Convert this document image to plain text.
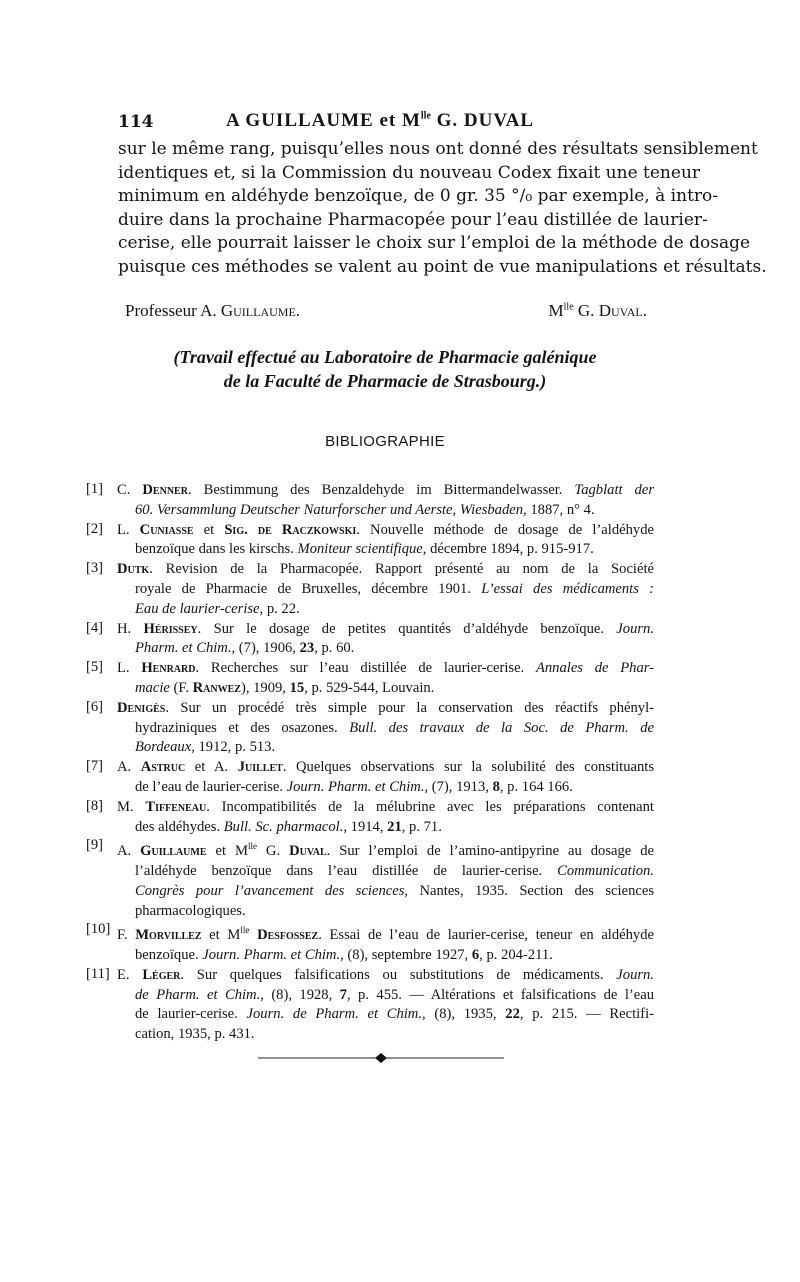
114	A GUILLAUME et $M^{lle}$ G. DUVAL
sur le même rang, puisqu’elles nous ont donné des résultats sensiblement
identiques et, si la Commission du nouveau Codex fixait une teneur
minimum en aldéhyde benzoïque, de 0 gr. 35 °/₀ par exemple, à intro-
duire dans la prochaine Pharmacopée pour l’eau distillée de laurier-
cerise, elle pourrait laisser le choix sur l’emploi de la méthode de dosage
puisque ces méthodes se valent au point de vue manipulations et résultats.
Professeur A. Guillaume.	$M^{lle}$ G. Duval.
(Travail effectué au Laboratoire de Pharmacie galénique
de la Faculté de Pharmacie de Strasbourg.)
BIBLIOGRAPHIE
[1] C. Denner. Bestimmung des Benzaldehyde im Bittermandelwasser. Tagblatt der
60. Versammlung Deutscher Naturforscher und Aerste, Wiesbaden, 1887, n° 4.
[2] L. Cuniasse et Sig. de Raczkowski. Nouvelle méthode de dosage de l’aldéhyde
benzoïque dans les kirschs. Moniteur scientifique, décembre 1894, p. 915-917.
[3] Dutk. Revision de la Pharmacopée. Rapport présenté au nom de la Société
royale de Pharmacie de Bruxelles, décembre 1901. L’essai des médicaments :
Eau de laurier-cerise, p. 22.
[4] H. Hérissey. Sur le dosage de petites quantités d’aldéhyde benzoïque. Journ.
Pharm. et Chim., (7), 1906, 23, p. 60.
[5] L. Henrard. Recherches sur l’eau distillée de laurier-cerise. Annales de Phar-
macie (F. Ranwez), 1909, 15, p. 529-544, Louvain.
[6] Denigès. Sur un procédé très simple pour la conservation des réactifs phényl-
hydraziniques et des osazones. Bull. des travaux de la Soc. de Pharm. de
Bordeaux, 1912, p. 513.
[7] A. Astruc et A. Juillet. Quelques observations sur la solubilité des constituants
de l’eau de laurier-cerise. Journ. Pharm. et Chim., (7), 1913, 8, p. 164 166.
[8] M. Tiffeneau. Incompatibilités de la mélubrine avec les préparations contenant
des aldéhydes. Bull. Sc. pharmacol., 1914, 21, p. 71.
[9] A. Guillaume et $M^{lle}$ G. Duval. Sur l’emploi de l’amino-antipyrine au dosage de
l’aldéhyde benzoïque dans l’eau distillée de laurier-cerise. Communication.
Congrès pour l’avancement des sciences, Nantes, 1935. Section des sciences
pharmacologiques.
[10] F. Morvillez et $M^{lle}$ Desfossez. Essai de l’eau de laurier-cerise, teneur en aldéhyde
benzoïque. Journ. Pharm. et Chim., (8), septembre 1927, 6, p. 204-211.
[11] E. Léger. Sur quelques falsifications ou substitutions de médicaments. Journ.
de Pharm. et Chim., (8), 1928, 7, p. 455. — Altérations et falsifications de l’eau
de laurier-cerise. Journ. de Pharm. et Chim., (8), 1935, 22, p. 215. — Rectifi-
cation, 1935, p. 431.
